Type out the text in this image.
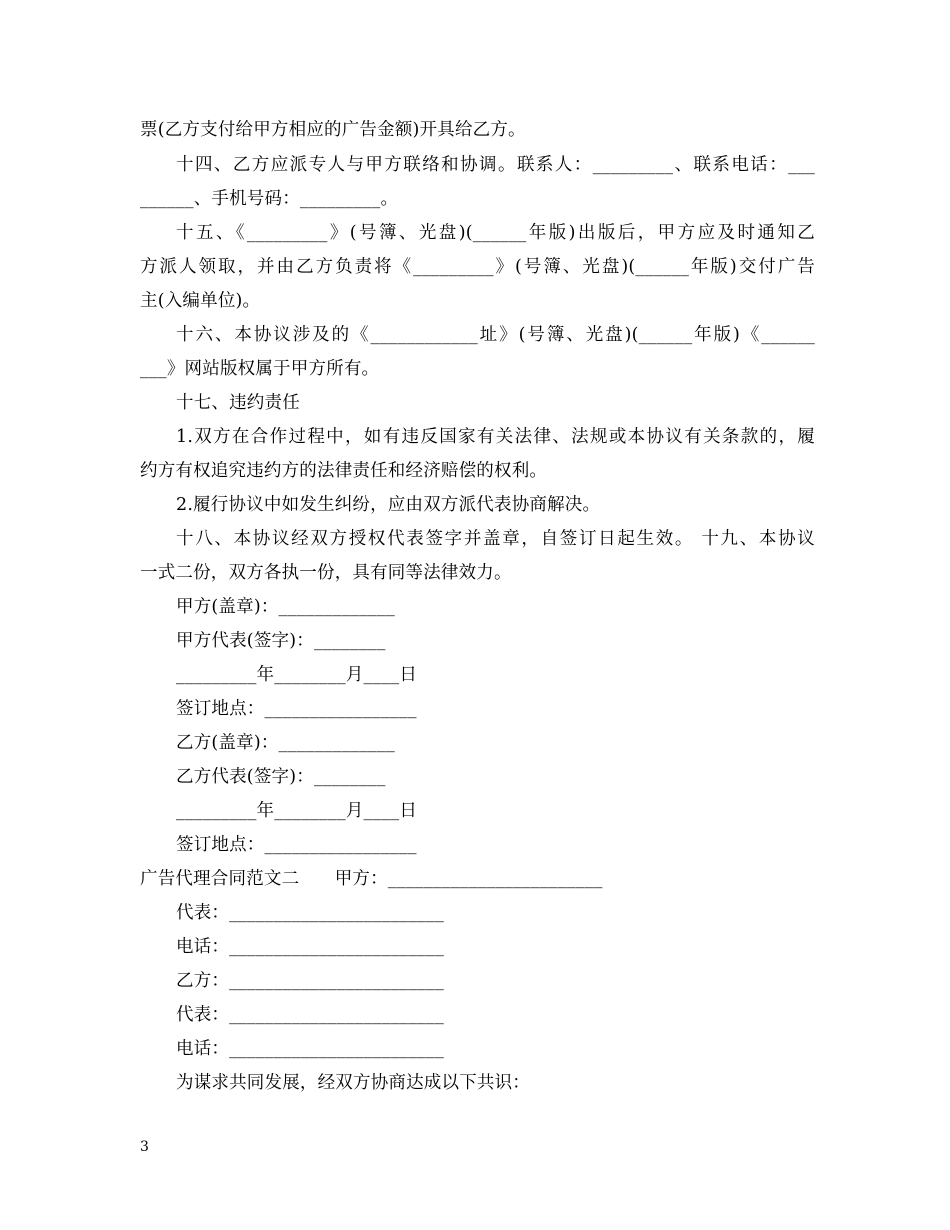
票(乙方支付给甲方相应的广告金额)开具给乙方。
十四、乙方应派专人与甲方联络和协调。联系人：_________、联系电话：___
______、手机号码：_________。
十五、《_________》(号簿、光盘)(______年版)出版后，甲方应及时通知乙
方派人领取，并由乙方负责将《_________》(号簿、光盘)(______年版)交付广告
主(入编单位)。
十六、本协议涉及的《____________址》(号簿、光盘)(______年版)《______
___》网站版权属于甲方所有。
十七、违约责任
1.双方在合作过程中，如有违反国家有关法律、法规或本协议有关条款的，履
约方有权追究违约方的法律责任和经济赔偿的权利。
2.履行协议中如发生纠纷，应由双方派代表协商解决。
十八、本协议经双方授权代表签字并盖章，自签订日起生效。 十九、本协议
一式二份，双方各执一份，具有同等法律效力。
甲方(盖章)：_____________
甲方代表(签字)：________
_________年________月____日
签订地点：_________________
乙方(盖章)：_____________
乙方代表(签字)：________
_________年________月____日
签订地点：_________________
广告代理合同范文二　　甲方：________________________
代表：________________________
电话：________________________
乙方：________________________
代表：________________________
电话：________________________
为谋求共同发展，经双方协商达成以下共识：
3
